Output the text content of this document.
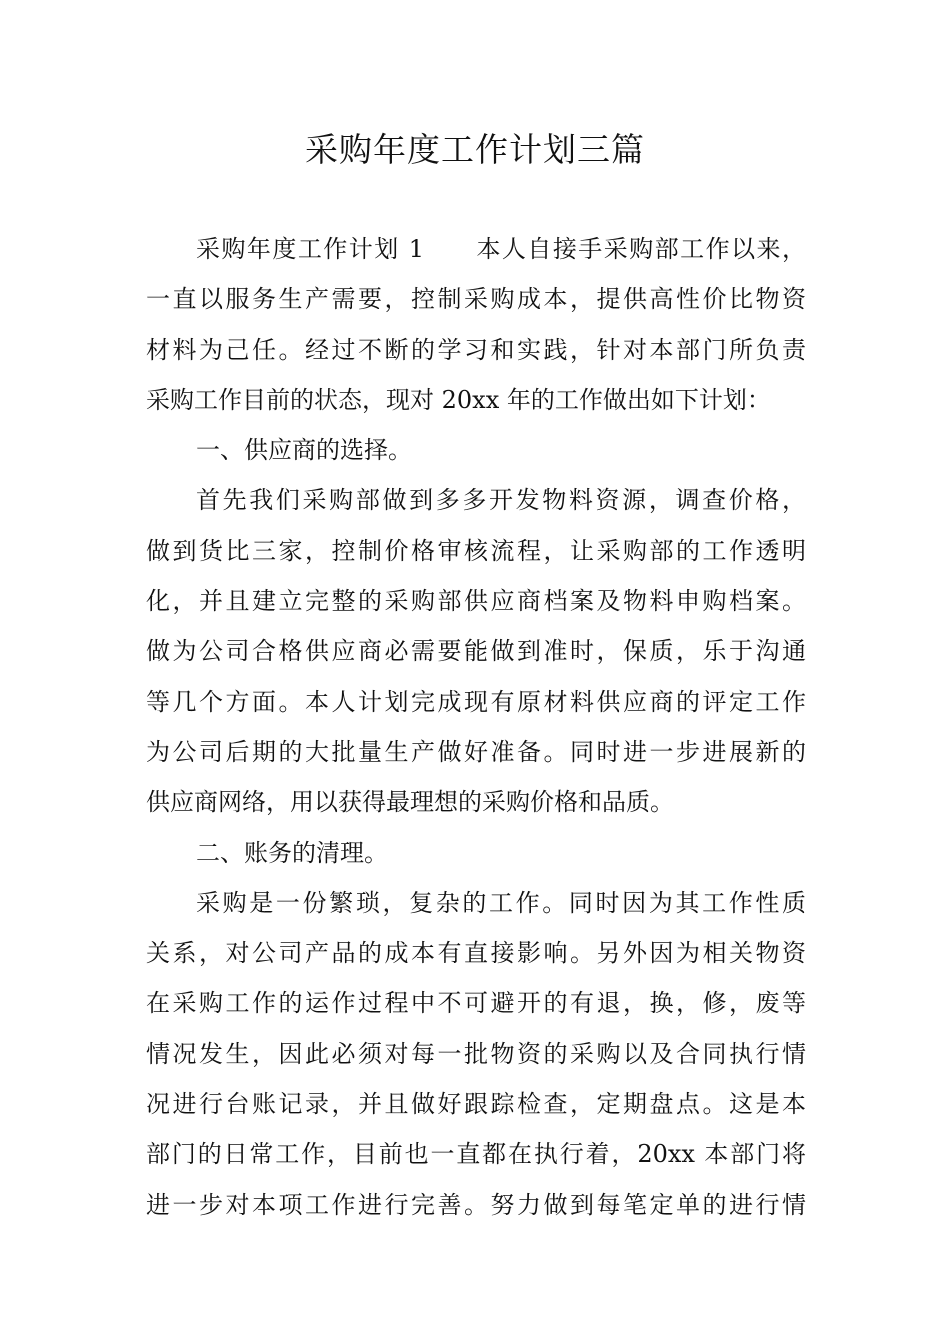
采购年度工作计划三篇
采购年度工作计划 1　　本人自接手采购部工作以来，
一直以服务生产需要，控制采购成本，提供高性价比物资
材料为己任。经过不断的学习和实践，针对本部门所负责
采购工作目前的状态，现对 20xx 年的工作做出如下计划：
一、供应商的选择。
首先我们采购部做到多多开发物料资源，调查价格，
做到货比三家，控制价格审核流程，让采购部的工作透明
化，并且建立完整的采购部供应商档案及物料申购档案。
做为公司合格供应商必需要能做到准时，保质，乐于沟通
等几个方面。本人计划完成现有原材料供应商的评定工作
为公司后期的大批量生产做好准备。同时进一步进展新的
供应商网络，用以获得最理想的采购价格和品质。
二、账务的清理。
采购是一份繁琐，复杂的工作。同时因为其工作性质
关系，对公司产品的成本有直接影响。另外因为相关物资
在采购工作的运作过程中不可避开的有退，换，修，废等
情况发生，因此必须对每一批物资的采购以及合同执行情
况进行台账记录，并且做好跟踪检查，定期盘点。这是本
部门的日常工作，目前也一直都在执行着，20xx 本部门将
进一步对本项工作进行完善。努力做到每笔定单的进行情
